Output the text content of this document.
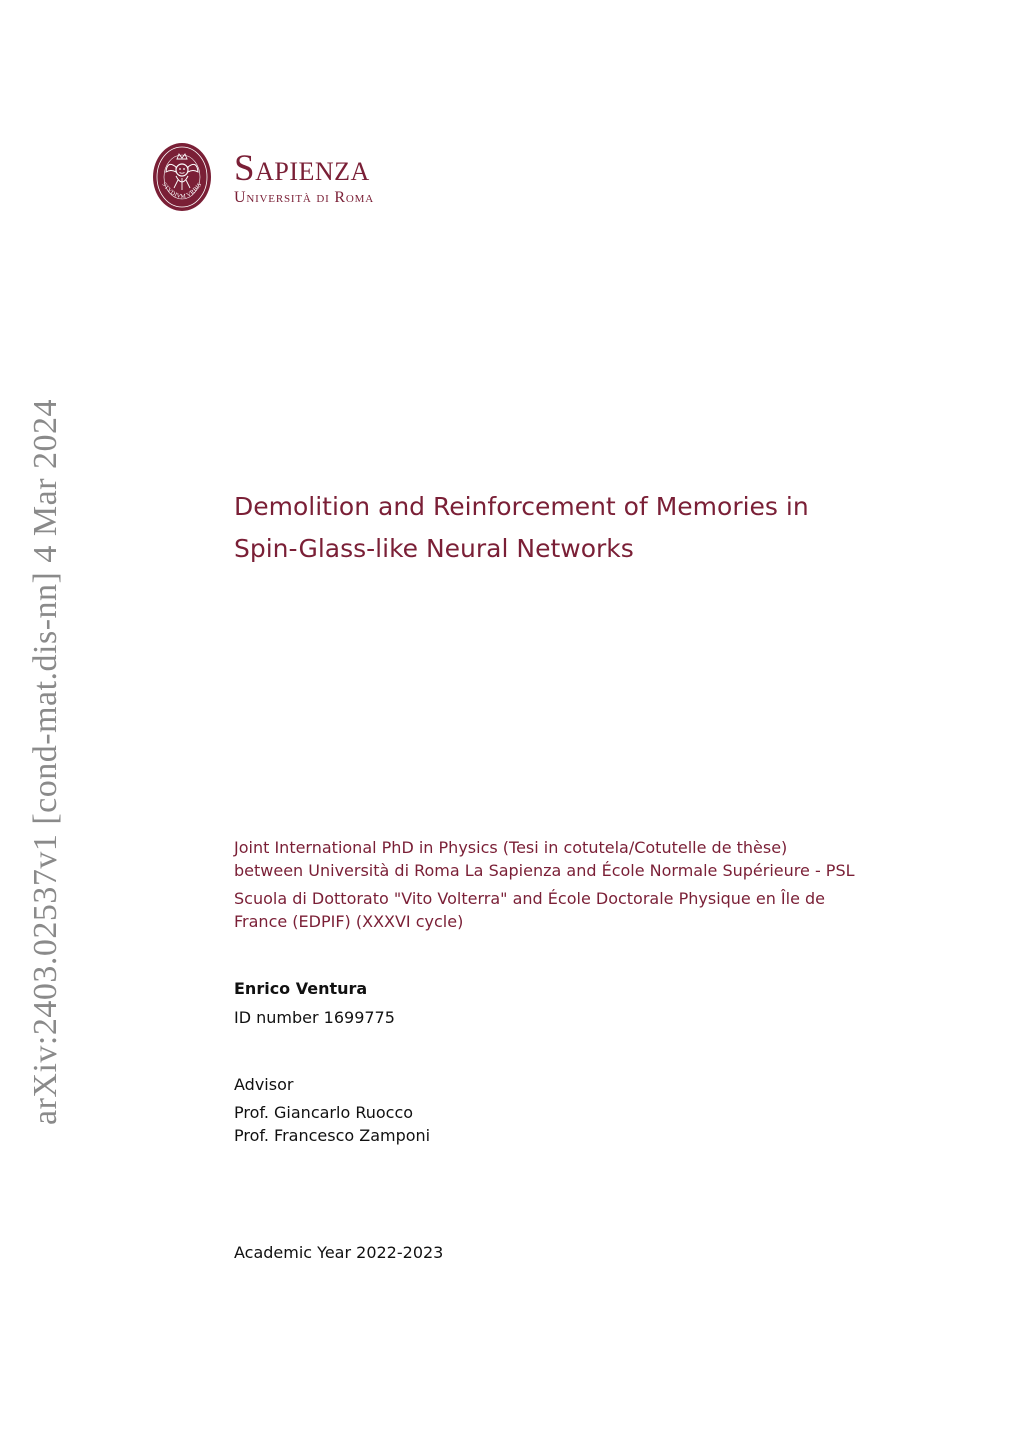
arXiv:2403.02537v1 [cond-mat.dis-nn] 4 Mar 2024
STVDIVM VRBIS Sapienza
Università di Roma
Demolition and Reinforcement of Memories in
Spin-Glass-like Neural Networks
Joint International PhD in Physics (Tesi in cotutela/Cotutelle de thèse)
between Università di Roma La Sapienza and École Normale Supérieure - PSL
Scuola di Dottorato "Vito Volterra" and École Doctorale Physique en Île de
France (EDPIF) (XXXVI cycle)
Enrico Ventura
ID number 1699775
Advisor
Prof. Giancarlo Ruocco
Prof. Francesco Zamponi
Academic Year 2022-2023
